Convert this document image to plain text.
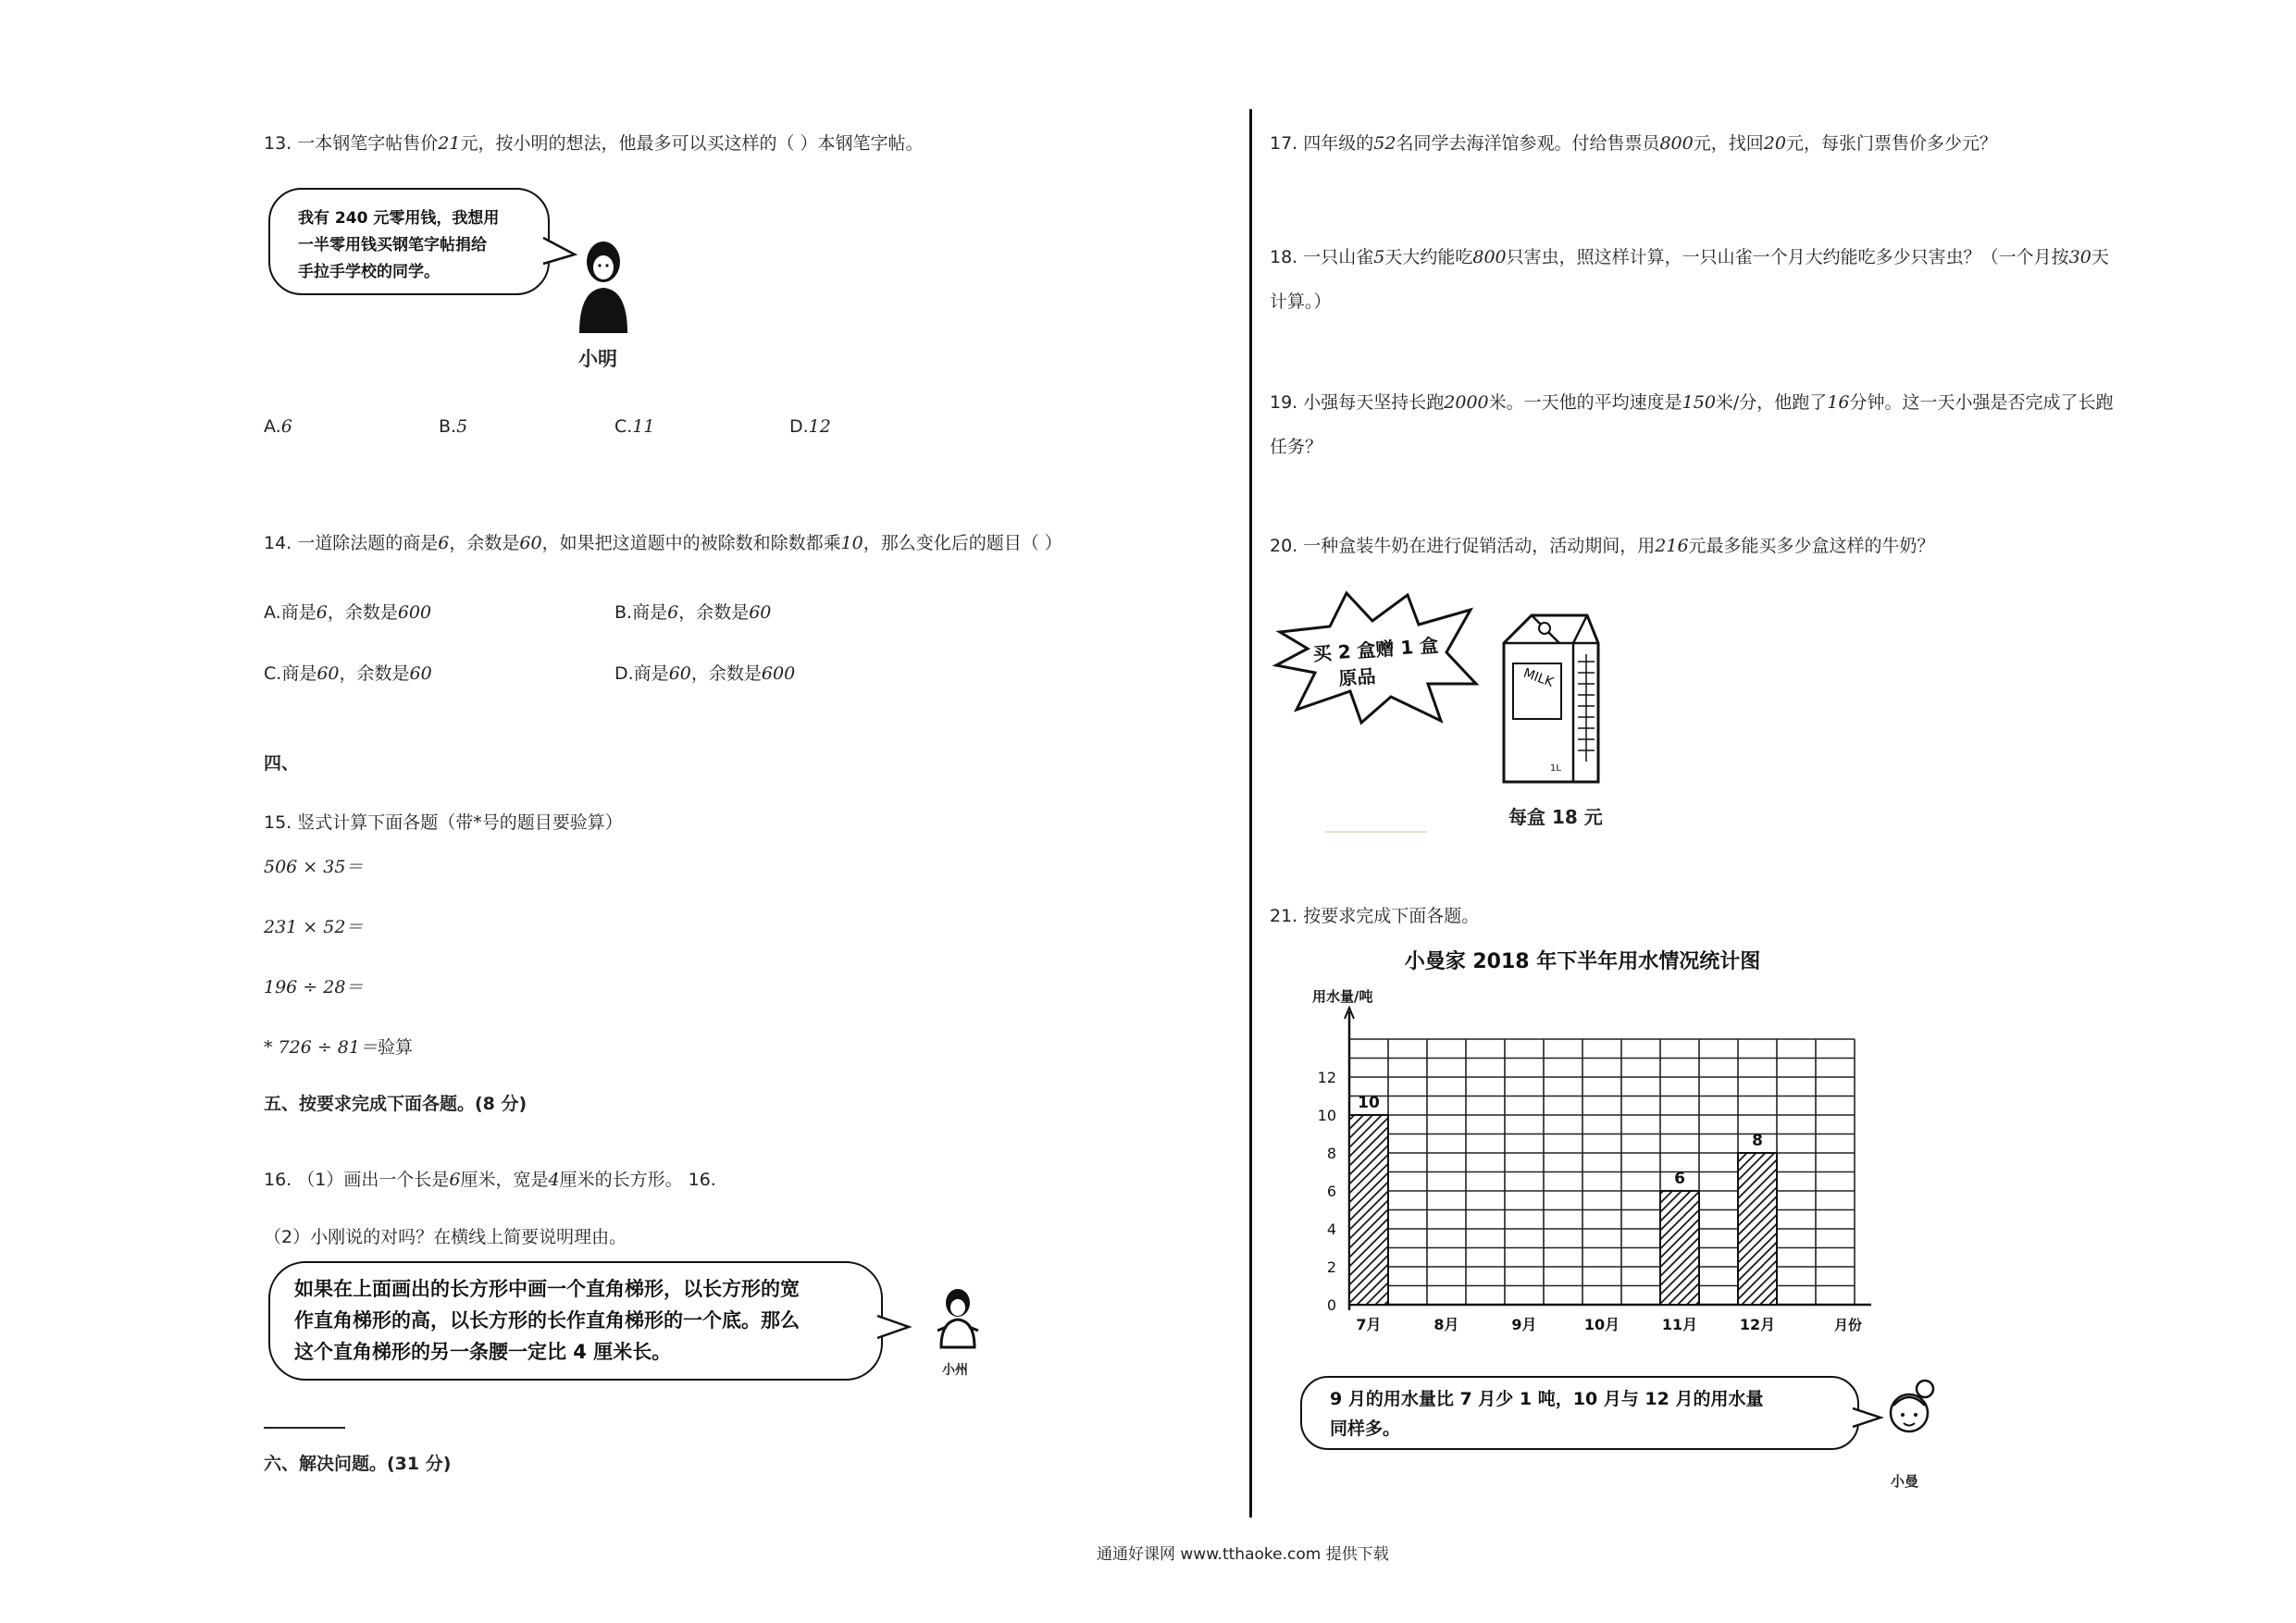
13. 一本钢笔字帖售价21元，按小明的想法，他最多可以买这样的（ ）本钢笔字帖。
我有 240 元零用钱，我想用
一半零用钱买钢笔字帖捐给
手拉手学校的同学。
小明
A.6	B.5	C.11	D.12
14. 一道除法题的商是6，余数是60，如果把这道题中的被除数和除数都乘10，那么变化后的题目（ ）
A.商是6，余数是600	B.商是6，余数是60
C.商是60，余数是60	D.商是60，余数是600
四、
15. 竖式计算下面各题（带*号的题目要验算）
506 × 35＝
231 × 52＝
196 ÷ 28＝
* 726 ÷ 81＝验算
五、按要求完成下面各题。(8 分)
16. （1）画出一个长是6厘米，宽是4厘米的长方形。 16.
（2）小刚说的对吗？在横线上简要说明理由。
如果在上面画出的长方形中画一个直角梯形，以长方形的宽
作直角梯形的高，以长方形的长作直角梯形的一个底。那么
这个直角梯形的另一条腰一定比 4 厘米长。
小州
六、解决问题。(31 分)
17. 四年级的52名同学去海洋馆参观。付给售票员800元，找回20元，每张门票售价多少元？
18. 一只山雀5天大约能吃800只害虫，照这样计算，一只山雀一个月大约能吃多少只害虫？（一个月按30天
计算。）
19. 小强每天坚持长跑2000米。一天他的平均速度是150米/分，他跑了16分钟。这一天小强是否完成了长跑
任务？
20. 一种盒装牛奶在进行促销活动，活动期间，用216元最多能买多少盒这样的牛奶？
买 2 盒赠 1 盒
原品	MILK
1L
每盒 18 元
21. 按要求完成下面各题。
小曼家 2018 年下半年用水情况统计图
用水量/吨
月份
0
2
4
6
8
10
12
10
6
8
7月	8月	9月	10月	11月	12月
9 月的用水量比 7 月少 1 吨，10 月与 12 月的用水量
同样多。
小曼
通通好课网 www.tthaoke.com 提供下载
